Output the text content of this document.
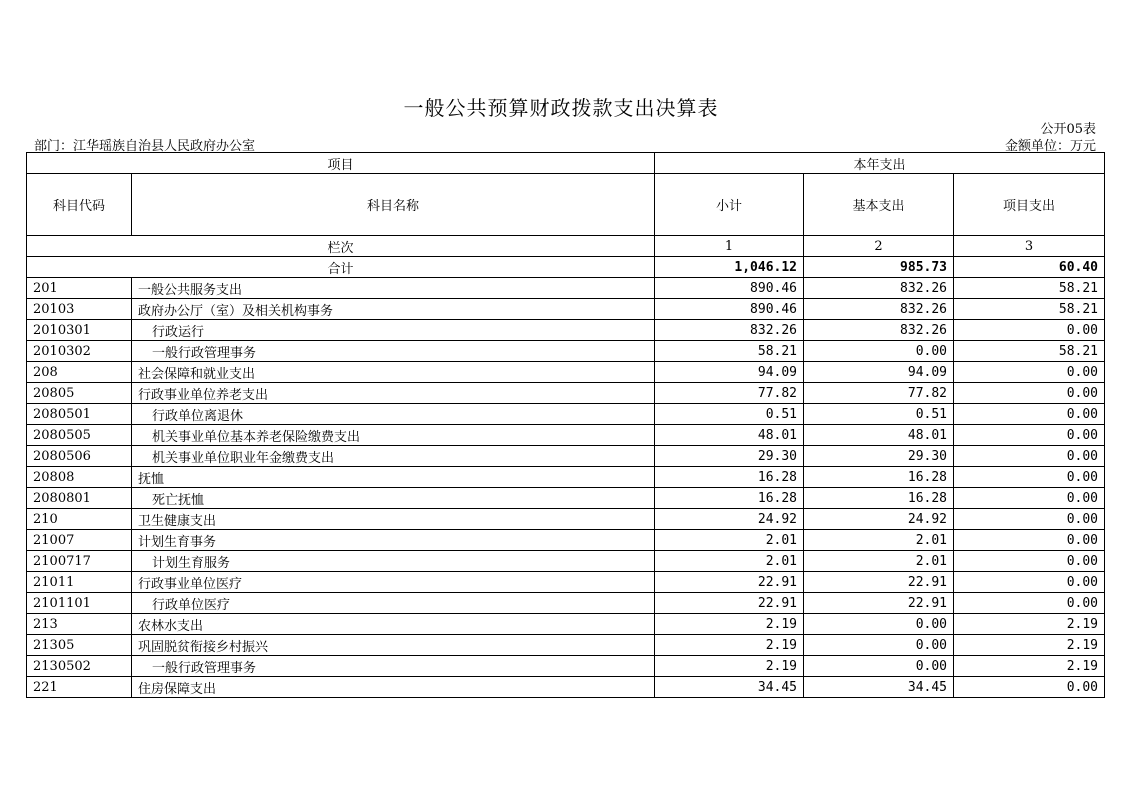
一般公共预算财政拨款支出决算表
公开05表
部门：江华瑶族自治县人民政府办公室	金额单位：万元
项目		本年支出		
科目代码	科目名称	小计	基本支出	项目支出
栏次		1	2	3
合计		1,046.12	985.73	60.40
201	一般公共服务支出	890.46	832.26	58.21
20103	政府办公厅（室）及相关机构事务	890.46	832.26	58.21
2010301	行政运行	832.26	832.26	0.00
2010302	一般行政管理事务	58.21	0.00	58.21
208	社会保障和就业支出	94.09	94.09	0.00
20805	行政事业单位养老支出	77.82	77.82	0.00
2080501	行政单位离退休	0.51	0.51	0.00
2080505	机关事业单位基本养老保险缴费支出	48.01	48.01	0.00
2080506	机关事业单位职业年金缴费支出	29.30	29.30	0.00
20808	抚恤	16.28	16.28	0.00
2080801	死亡抚恤	16.28	16.28	0.00
210	卫生健康支出	24.92	24.92	0.00
21007	计划生育事务	2.01	2.01	0.00
2100717	计划生育服务	2.01	2.01	0.00
21011	行政事业单位医疗	22.91	22.91	0.00
2101101	行政单位医疗	22.91	22.91	0.00
213	农林水支出	2.19	0.00	2.19
21305	巩固脱贫衔接乡村振兴	2.19	0.00	2.19
2130502	一般行政管理事务	2.19	0.00	2.19
221	住房保障支出	34.45	34.45	0.00
